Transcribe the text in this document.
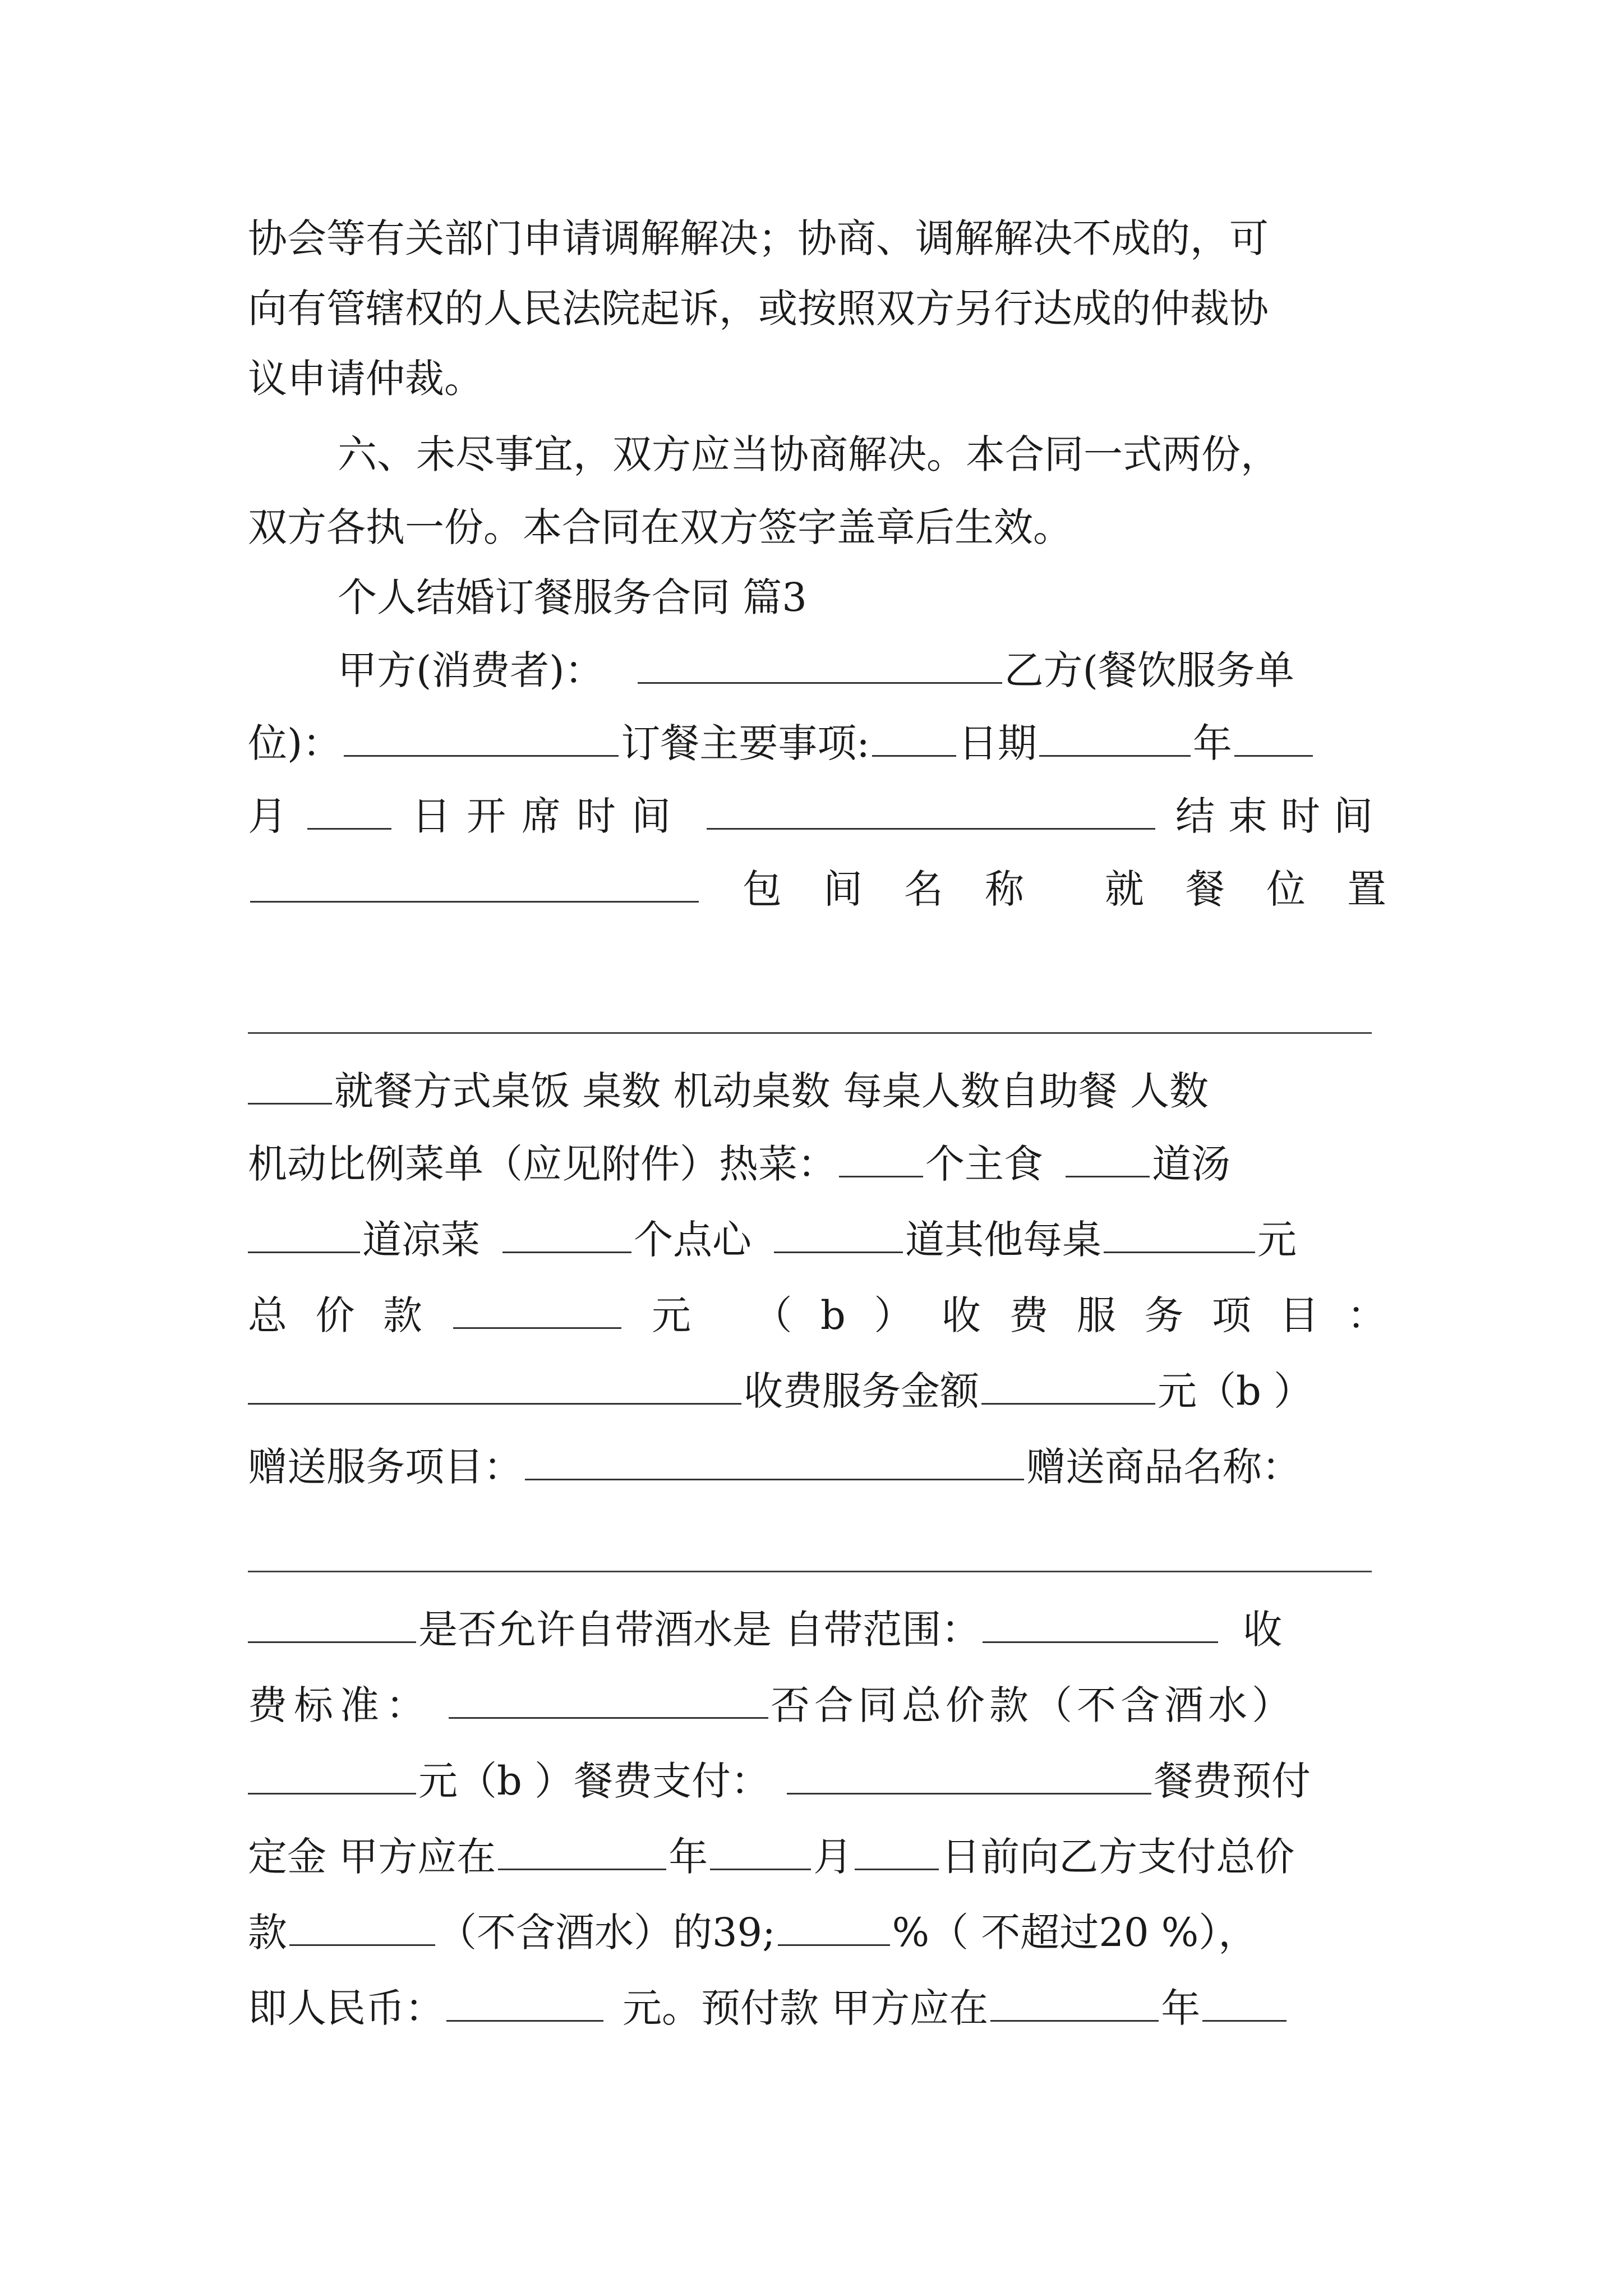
协会等有关部门申请调解解决；协商、调解解决不成的，可
向有管辖权的人民法院起诉，或按照双方另行达成的仲裁协
议申请仲裁。
六、未尽事宜，双方应当协商解决。本合同一式两份，
双方各执一份。本合同在双方签字盖章后生效。
个人结婚订餐服务合同 篇3
甲方(消费者)：	乙方(餐饮服务单
位)：	订餐主要事项: 日期	年
月	日开席时间	结束时间
包 间 名 称 就 餐 位 置
就餐方式桌饭 桌数 机动桌数 每桌人数自助餐 人数
机动比例菜单（应见附件）热菜： 个主食	道汤
道凉菜	个点心	道其他每桌	元
总 价 款	元 （ b ） 收 费 服 务 项 目 ：
收费服务金额	元（b ）
赠送服务项目：	赠送商品名称：
是否允许自带酒水是 自带范围：	收
费标准：	否合同总价款（不含酒水）
元（b ）餐费支付：	餐费预付
定金 甲方应在	年	月 日前向乙方支付总价
款	（不含酒水）的39;	%（ 不超过20 %），
即人民币：	元。预付款 甲方应在	年
